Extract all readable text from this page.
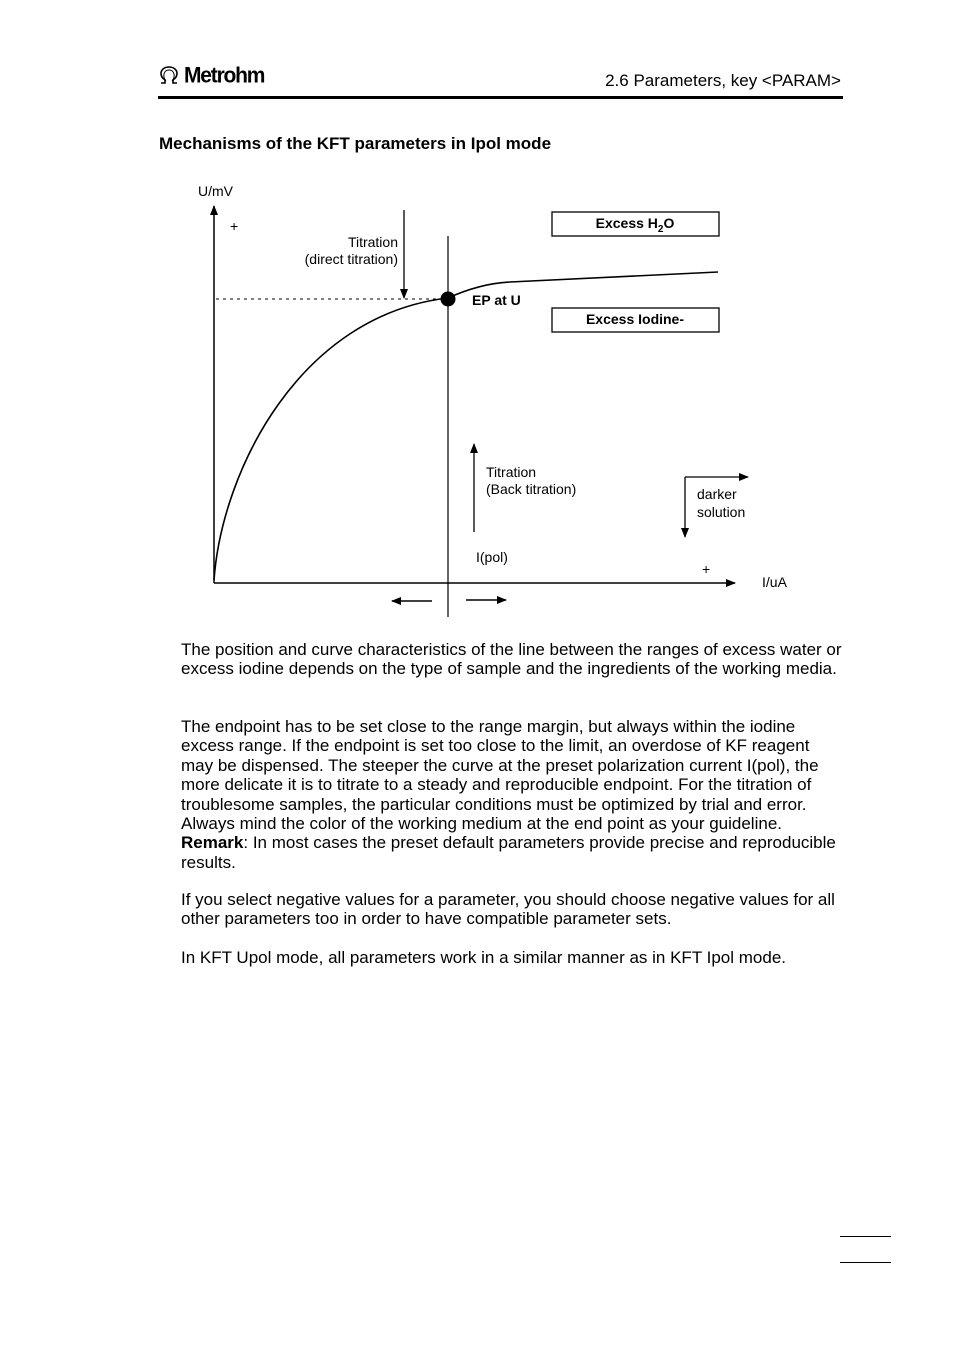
Metrohm	2.6 Parameters, key <PARAM>
Mechanisms of the KFT parameters in Ipol mode
U/mV
+
I/uA
+
EP at U
Titration
(direct titration)
Titration
(Back titration)
I(pol)
Excess $H_2O$
Excess Iodine-
darker
solution
The position and curve characteristics of the line between the ranges of excess water or excess iodine depends on the type of sample and the ingredients of the working media.
The endpoint has to be set close to the range margin, but always within the iodine excess range. If the endpoint is set too close to the limit, an overdose of KF reagent may be dispensed. The steeper the curve at the preset polarization current I(pol), the more delicate it is to titrate to a steady and reproducible endpoint. For the titration of troublesome samples, the particular conditions must be optimized by trial and error. Always mind the color of the working medium at the end point as your guideline. Remark: In most cases the preset default parameters provide precise and reproducible results.
If you select negative values for a parameter, you should choose negative values for all other parameters too in order to have compatible parameter sets.
In KFT Upol mode, all parameters work in a similar manner as in KFT Ipol mode.
